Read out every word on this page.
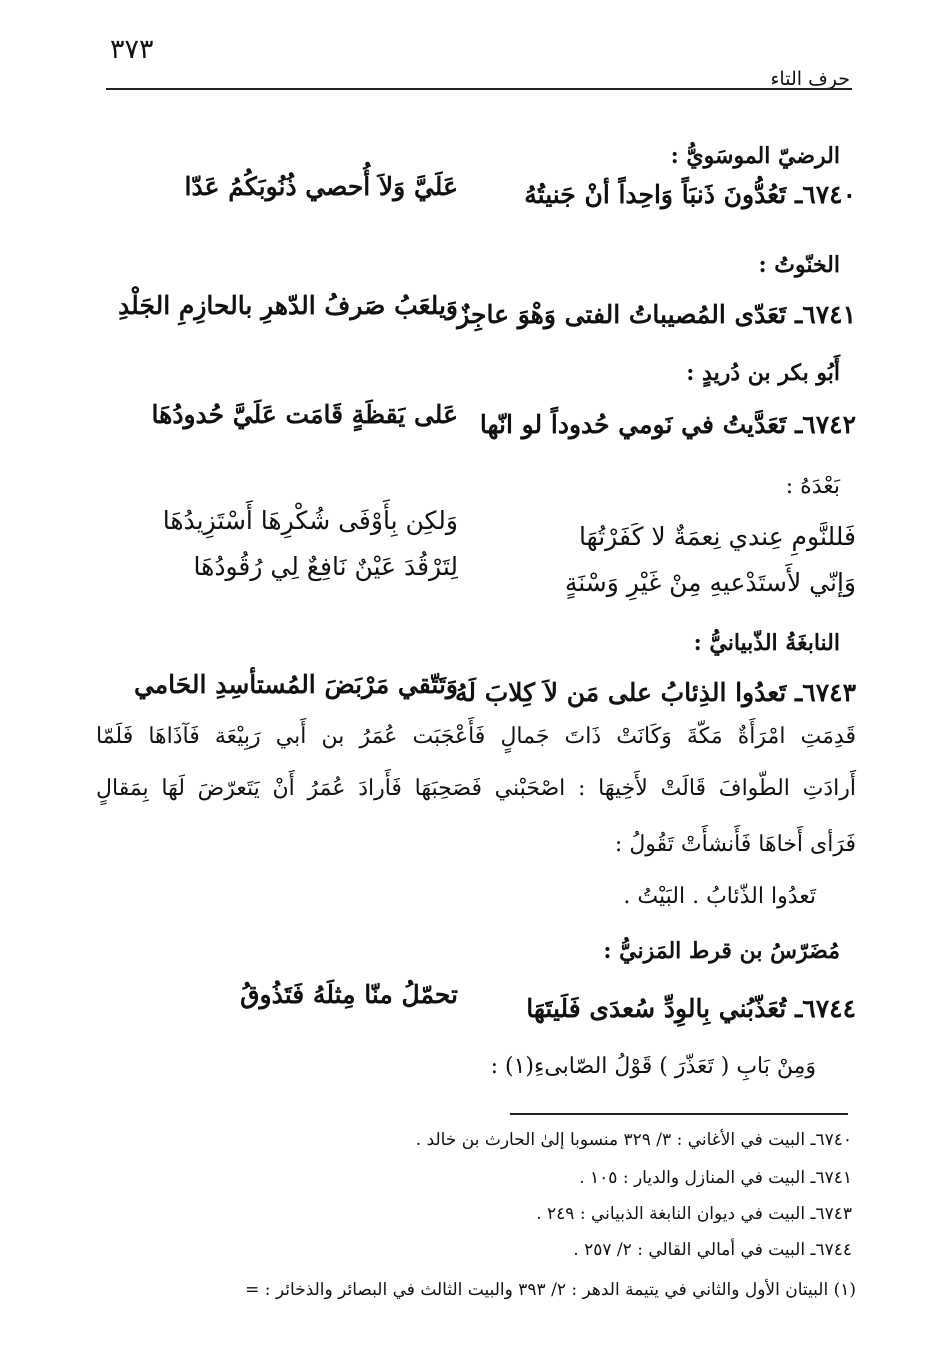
٣٧٣
حرف التاء
الرضيّ الموسَويُّ :
٦٧٤٠ـ تَعُدُّونَ ذَنبَاً وَاحِداً أنْ جَنيتُهُ
عَلَيَّ وَلاَ أُحصي ذُنُوبَكُمُ عَدّا
الخنّوتُ :
٦٧٤١ـ تَعَدّى المُصيباتُ الفتى وَهْوَ عاجِزٌ
وَيلعَبُ صَرفُ الدّهرِ بالحازِمِ الجَلْدِ
أَبُو بكر بن دُريدٍ :
٦٧٤٢ـ تَعَدَّيتُ في نَومي حُدوداً لو انّها
عَلى يَقظَةٍ قَامَت عَلَيَّ حُدودُهَا
بَعْدَهُ :
فَللنَّومِ عِندي نِعمَةٌ لا كَفَرْتُهَا
وَلكِن بِأَوْفَى شُكْرِهَا أَسْتَزِيدُهَا
وَإنّي لأَستَدْعيهِ مِنْ غَيْرِ وَسْنَةٍ
لِتَرْقُدَ عَيْنٌ نَافِعٌ لِي رُقُودُهَا
النابغَةُ الذّبيانيُّ :
٦٧٤٣ـ تَعدُوا الذِئابُ على مَن لاَ كِلابَ لَهُ
وَتَتّقي مَرْبَضَ المُستأسِدِ الحَامي
قَدِمَتِ امْرَأَةٌ مَكّةَ وَكَانَتْ ذَاتَ جَمالٍ فَأَعْجَبَت عُمَرُ بن أَبي رَبِيْعَة فَآذَاهَا فَلَمّا
أَرادَتِ الطّوافَ قَالَتْ لأَخِيهَا : اصْحَبْني فَصَحِبَهَا فَأَرادَ عُمَرُ أَنْ يَتَعرّضَ لَهَا بِمَقالٍ
فَرَأى أَخاهَا فَأَنشأَتْ تَقُولُ :
تَعدُوا الذّئابُ . البَيْتُ .
مُضَرّسُ بن قرط المَزنيُّ :
٦٧٤٤ـ تُعَذّبُني بِالوِدِّ سُعدَى فَلَيتَهَا
تحمّلُ منّا مِثلَهُ فَتَذُوقُ
وَمِنْ بَابِ ( تَعَذّرَ ) قَوْلُ الصّابىءِ(١) :
٦٧٤٠ـ البيت في الأغاني : ٣/ ٣٢٩ منسوبا إلىٰ الحارث بن خالد .
٦٧٤١ـ البيت في المنازل والديار : ١٠٥ .
٦٧٤٣ـ البيت في ديوان النابغة الذبياني : ٢٤٩ .
٦٧٤٤ـ البيت في أمالي القالي : ٢/ ٢٥٧ .
(١) البيتان الأول والثاني في يتيمة الدهر : ٢/ ٣٩٣ والبيت الثالث في البصائر والذخائر : =
